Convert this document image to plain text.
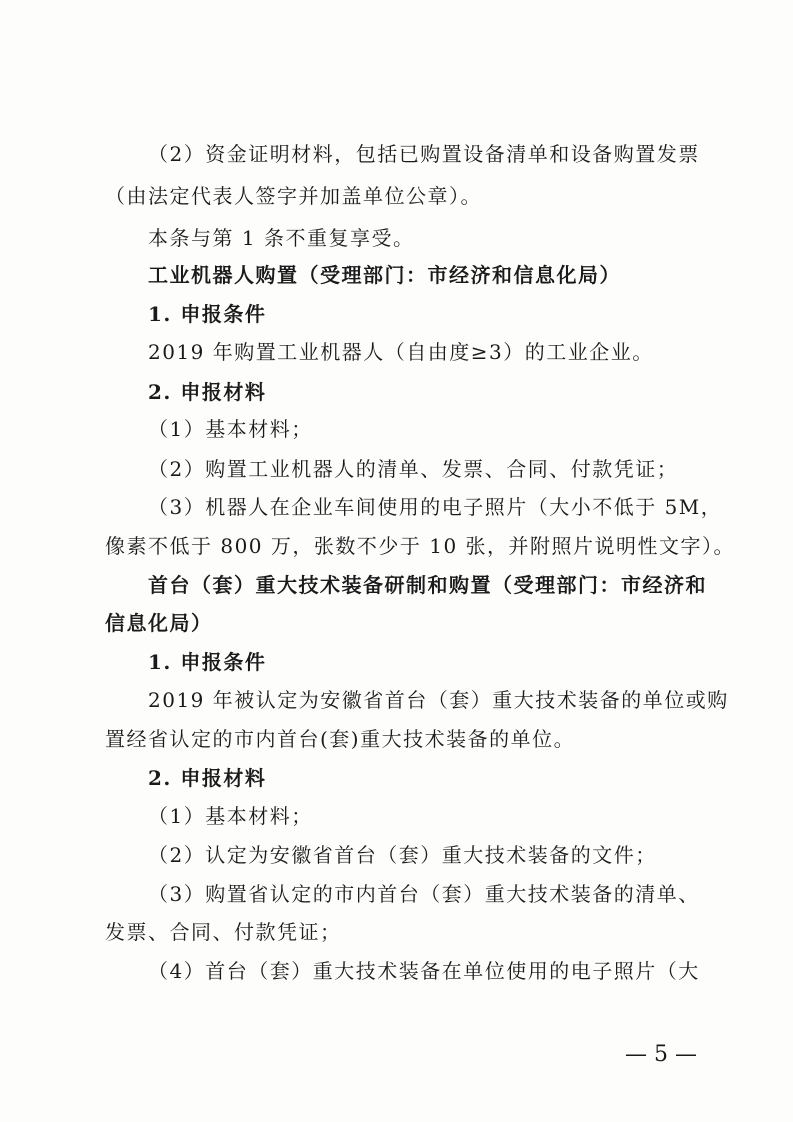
（2）资金证明材料，包括已购置设备清单和设备购置发票
（由法定代表人签字并加盖单位公章）。
本条与第 1 条不重复享受。
工业机器人购置（受理部门：市经济和信息化局）
1. 申报条件
2019 年购置工业机器人（自由度≥3）的工业企业。
2. 申报材料
（1）基本材料；
（2）购置工业机器人的清单、发票、合同、付款凭证；
（3）机器人在企业车间使用的电子照片（大小不低于 5M，
像素不低于 800 万，张数不少于 10 张，并附照片说明性文字）。
首台（套）重大技术装备研制和购置（受理部门：市经济和
信息化局）
1. 申报条件
2019 年被认定为安徽省首台（套）重大技术装备的单位或购
置经省认定的市内首台(套)重大技术装备的单位。
2. 申报材料
（1）基本材料；
（2）认定为安徽省首台（套）重大技术装备的文件；
（3）购置省认定的市内首台（套）重大技术装备的清单、
发票、合同、付款凭证；
（4）首台（套）重大技术装备在单位使用的电子照片（大
— 5 —
